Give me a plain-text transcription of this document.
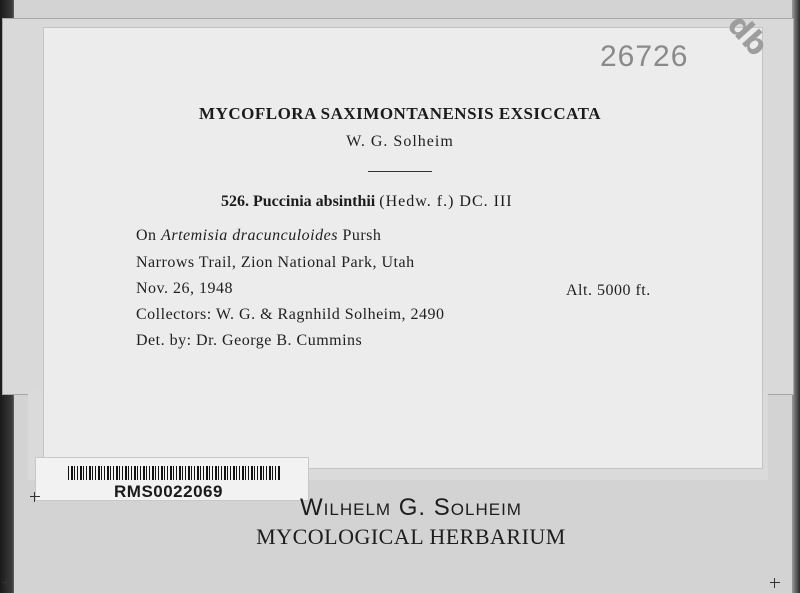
26726 db
MYCOFLORA SAXIMONTANENSIS EXSICCATA
W. G. Solheim
526. Puccinia absinthii (Hedw. f.) DC. III
On Artemisia dracunculoides Pursh
Narrows Trail, Zion National Park, Utah
Nov. 26, 1948	Alt. 5000 ft.
Collectors: W. G. & Ragnhild Solheim, 2490
Det. by: Dr. George B. Cummins
RMS0022069
Wilhelm G. Solheim
MYCOLOGICAL HERBARIUM
